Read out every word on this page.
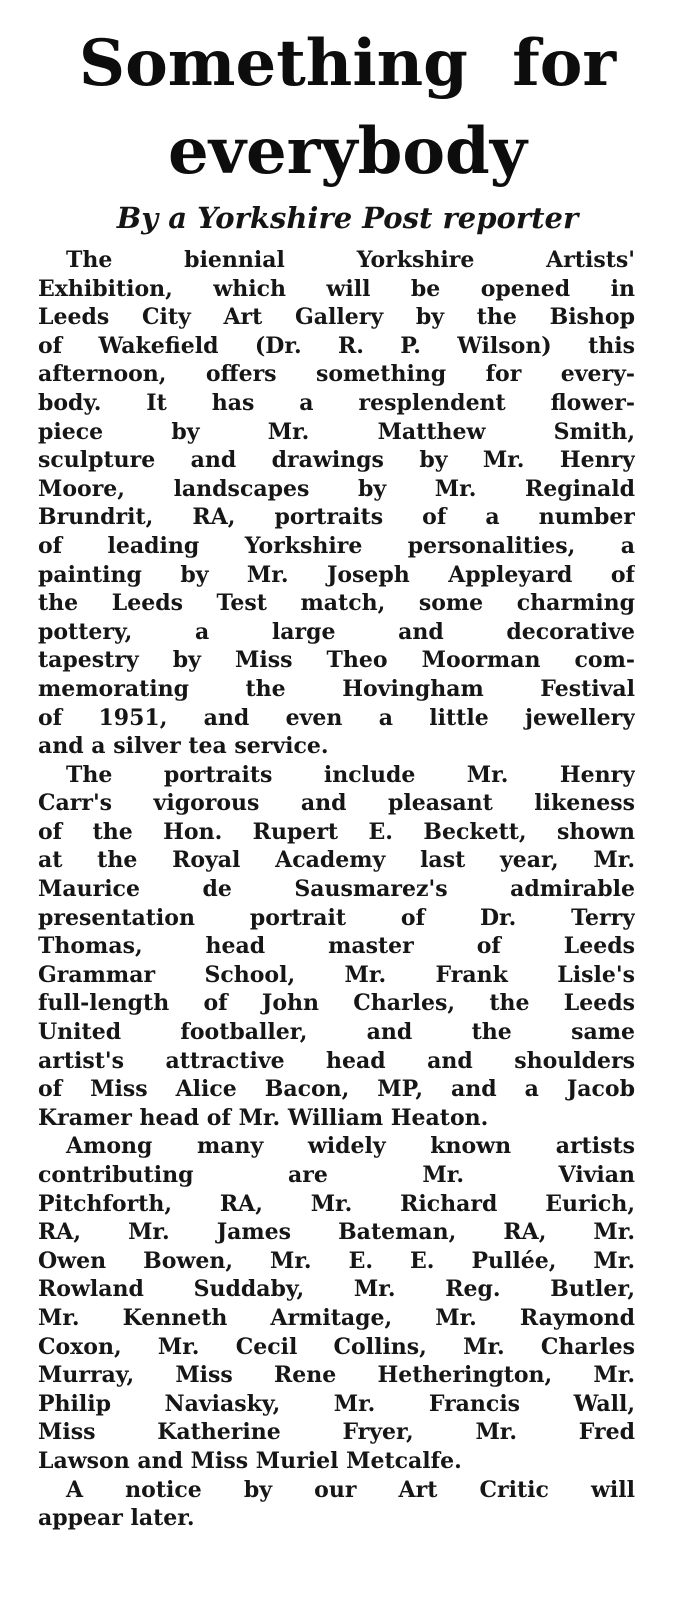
Something for
everybody
By a Yorkshire Post reporter
The biennial Yorkshire Artists'
Exhibition, which will be opened in
Leeds City Art Gallery by the Bishop
of Wakefield (Dr. R. P. Wilson) this
afternoon, offers something for every-
body. It has a resplendent flower-
piece by Mr. Matthew Smith,
sculpture and drawings by Mr. Henry
Moore, landscapes by Mr. Reginald
Brundrit, RA, portraits of a number
of leading Yorkshire personalities, a
painting by Mr. Joseph Appleyard of
the Leeds Test match, some charming
pottery, a large and decorative
tapestry by Miss Theo Moorman com-
memorating the Hovingham Festival
of 1951, and even a little jewellery
and a silver tea service.
The portraits include Mr. Henry
Carr's vigorous and pleasant likeness
of the Hon. Rupert E. Beckett, shown
at the Royal Academy last year, Mr.
Maurice de Sausmarez's admirable
presentation portrait of Dr. Terry
Thomas, head master of Leeds
Grammar School, Mr. Frank Lisle's
full-length of John Charles, the Leeds
United footballer, and the same
artist's attractive head and shoulders
of Miss Alice Bacon, MP, and a Jacob
Kramer head of Mr. William Heaton.
Among many widely known artists
contributing are Mr. Vivian
Pitchforth, RA, Mr. Richard Eurich,
RA, Mr. James Bateman, RA, Mr.
Owen Bowen, Mr. E. E. Pullée, Mr.
Rowland Suddaby, Mr. Reg. Butler,
Mr. Kenneth Armitage, Mr. Raymond
Coxon, Mr. Cecil Collins, Mr. Charles
Murray, Miss Rene Hetherington, Mr.
Philip Naviasky, Mr. Francis Wall,
Miss Katherine Fryer, Mr. Fred
Lawson and Miss Muriel Metcalfe.
A notice by our Art Critic will
appear later.
